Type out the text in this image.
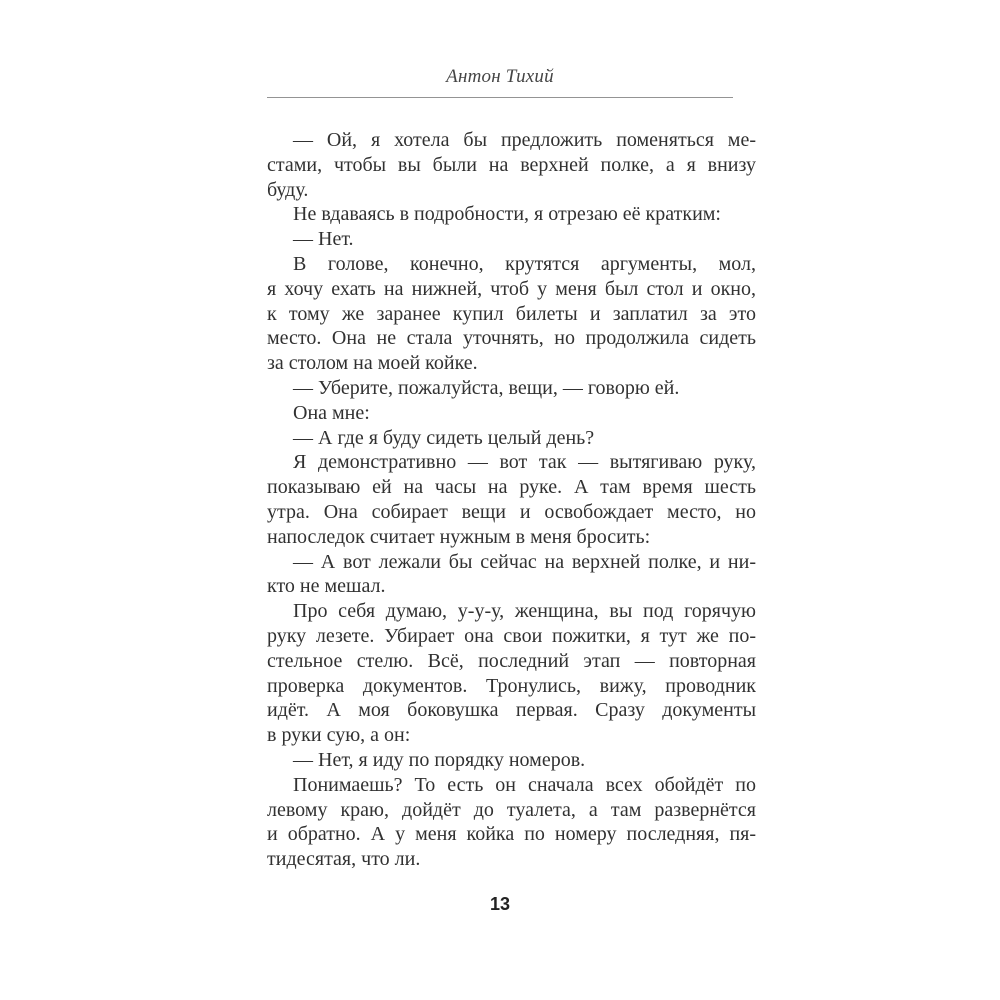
Антон Тихий
— Ой, я хотела бы предложить поменяться ме-
стами, чтобы вы были на верхней полке, а я внизу
буду.
Не вдаваясь в подробности, я отрезаю её кратким:
— Нет.
В голове, конечно, крутятся аргументы, мол,
я хочу ехать на нижней, чтоб у меня был стол и окно,
к тому же заранее купил билеты и заплатил за это
место. Она не стала уточнять, но продолжила сидеть
за столом на моей койке.
— Уберите, пожалуйста, вещи, — говорю ей.
Она мне:
— А где я буду сидеть целый день?
Я демонстративно — вот так — вытягиваю руку,
показываю ей на часы на руке. А там время шесть
утра. Она собирает вещи и освобождает место, но
напоследок считает нужным в меня бросить:
— А вот лежали бы сейчас на верхней полке, и ни-
кто не мешал.
Про себя думаю, у-у-у, женщина, вы под горячую
руку лезете. Убирает она свои пожитки, я тут же по-
стельное стелю. Всё, последний этап — повторная
проверка документов. Тронулись, вижу, проводник
идёт. А моя боковушка первая. Сразу документы
в руки сую, а он:
— Нет, я иду по порядку номеров.
Понимаешь? То есть он сначала всех обойдёт по
левому краю, дойдёт до туалета, а там развернётся
и обратно. А у меня койка по номеру последняя, пя-
тидесятая, что ли.
13
